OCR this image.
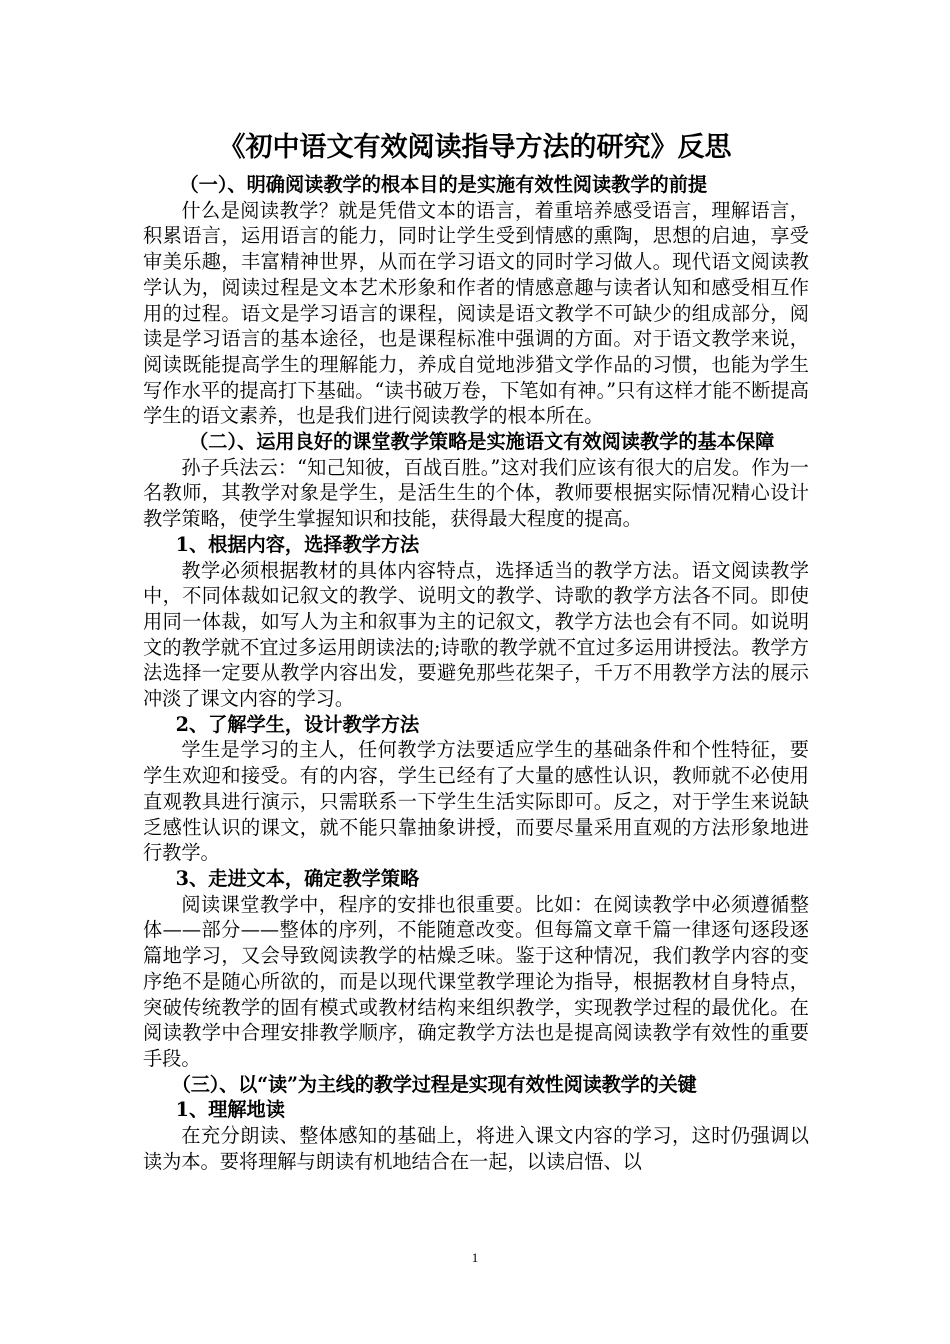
《初中语文有效阅读指导方法的研究》反思

（一）、明确阅读教学的根本目的是实施有效性阅读教学的前提

什么是阅读教学？就是凭借文本的语言，着重培养感受语言，理解语言，积累语言，运用语言的能力，同时让学生受到情感的熏陶，思想的启迪，享受审美乐趣，丰富精神世界，从而在学习语文的同时学习做人。现代语文阅读教学认为，阅读过程是文本艺术形象和作者的情感意趣与读者认知和感受相互作用的过程。语文是学习语言的课程，阅读是语文教学不可缺少的组成部分，阅读是学习语言的基本途径，也是课程标准中强调的方面。对于语文教学来说，阅读既能提高学生的理解能力，养成自觉地涉猎文学作品的习惯，也能为学生写作水平的提高打下基础。“读书破万卷，下笔如有神。”只有这样才能不断提高学生的语文素养，也是我们进行阅读教学的根本所在。

（二）、运用良好的课堂教学策略是实施语文有效阅读教学的基本保障

孙子兵法云：“知己知彼，百战百胜。”这对我们应该有很大的启发。作为一名教师，其教学对象是学生，是活生生的个体，教师要根据实际情况精心设计教学策略，使学生掌握知识和技能，获得最大程度的提高。

1、根据内容，选择教学方法

教学必须根据教材的具体内容特点，选择适当的教学方法。语文阅读教学中，不同体裁如记叙文的教学、说明文的教学、诗歌的教学方法各不同。即使用同一体裁，如写人为主和叙事为主的记叙文，教学方法也会有不同。如说明文的教学就不宜过多运用朗读法的;诗歌的教学就不宜过多运用讲授法。教学方法选择一定要从教学内容出发，要避免那些花架子，千万不用教学方法的展示冲淡了课文内容的学习。

2、了解学生，设计教学方法

学生是学习的主人，任何教学方法要适应学生的基础条件和个性特征，要学生欢迎和接受。有的内容，学生已经有了大量的感性认识，教师就不必使用直观教具进行演示，只需联系一下学生生活实际即可。反之，对于学生来说缺乏感性认识的课文，就不能只靠抽象讲授，而要尽量采用直观的方法形象地进行教学。

3、走进文本，确定教学策略

阅读课堂教学中，程序的安排也很重要。比如：在阅读教学中必须遵循整体——部分——整体的序列，不能随意改变。但每篇文章千篇一律逐句逐段逐篇地学习，又会导致阅读教学的枯燥乏味。鉴于这种情况，我们教学内容的变序绝不是随心所欲的，而是以现代课堂教学理论为指导，根据教材自身特点，突破传统教学的固有模式或教材结构来组织教学，实现教学过程的最优化。在阅读教学中合理安排教学顺序，确定教学方法也是提高阅读教学有效性的重要手段。

（三）、以“读”为主线的教学过程是实现有效性阅读教学的关键

1、理解地读

在充分朗读、整体感知的基础上，将进入课文内容的学习，这时仍强调以读为本。要将理解与朗读有机地结合在一起，以读启悟、以

1
